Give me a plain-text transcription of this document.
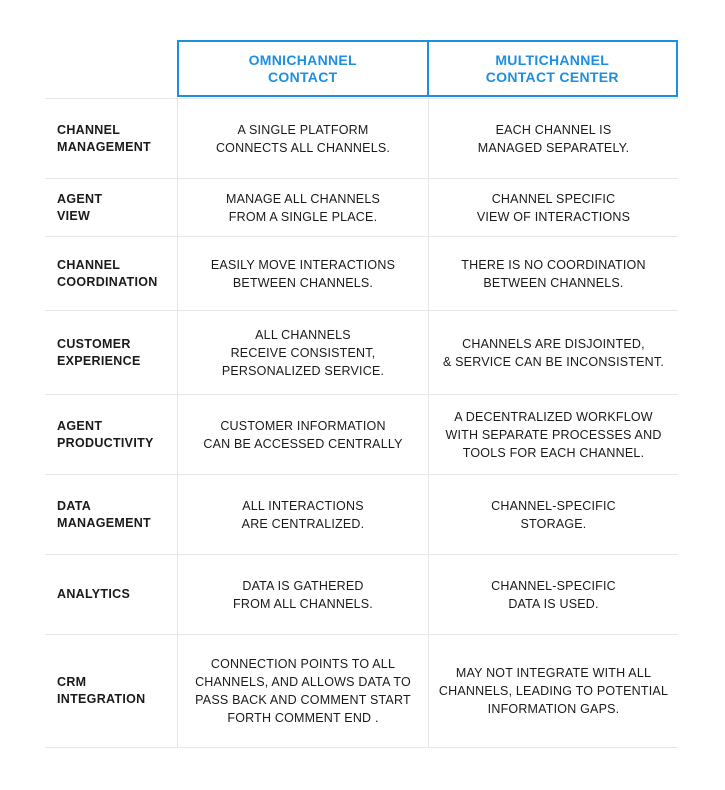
OMNICHANNEL
CONTACT
MULTICHANNEL
CONTACT CENTER
CHANNEL
MANAGEMENT
A SINGLE PLATFORM
CONNECTS ALL CHANNELS.
EACH CHANNEL IS
MANAGED SEPARATELY.
AGENT
VIEW
MANAGE ALL CHANNELS
FROM A SINGLE PLACE.
CHANNEL SPECIFIC
VIEW OF INTERACTIONS
CHANNEL
COORDINATION
EASILY MOVE INTERACTIONS
BETWEEN CHANNELS.
THERE IS NO COORDINATION
BETWEEN CHANNELS.
CUSTOMER
EXPERIENCE
ALL CHANNELS
RECEIVE CONSISTENT,
PERSONALIZED SERVICE.
CHANNELS ARE DISJOINTED,
& SERVICE CAN BE INCONSISTENT.
AGENT
PRODUCTIVITY
CUSTOMER INFORMATION
CAN BE ACCESSED CENTRALLY
A DECENTRALIZED WORKFLOW
WITH SEPARATE PROCESSES AND
TOOLS FOR EACH CHANNEL.
DATA
MANAGEMENT
ALL INTERACTIONS
ARE CENTRALIZED.
CHANNEL-SPECIFIC
STORAGE.
ANALYTICS
DATA IS GATHERED
FROM ALL CHANNELS.
CHANNEL-SPECIFIC
DATA IS USED.
CRM
INTEGRATION
CONNECTION POINTS TO ALL
CHANNELS, AND ALLOWS DATA TO
PASS BACK AND COMMENT START
FORTH COMMENT END .
MAY NOT INTEGRATE WITH ALL
CHANNELS, LEADING TO POTENTIAL
INFORMATION GAPS.
